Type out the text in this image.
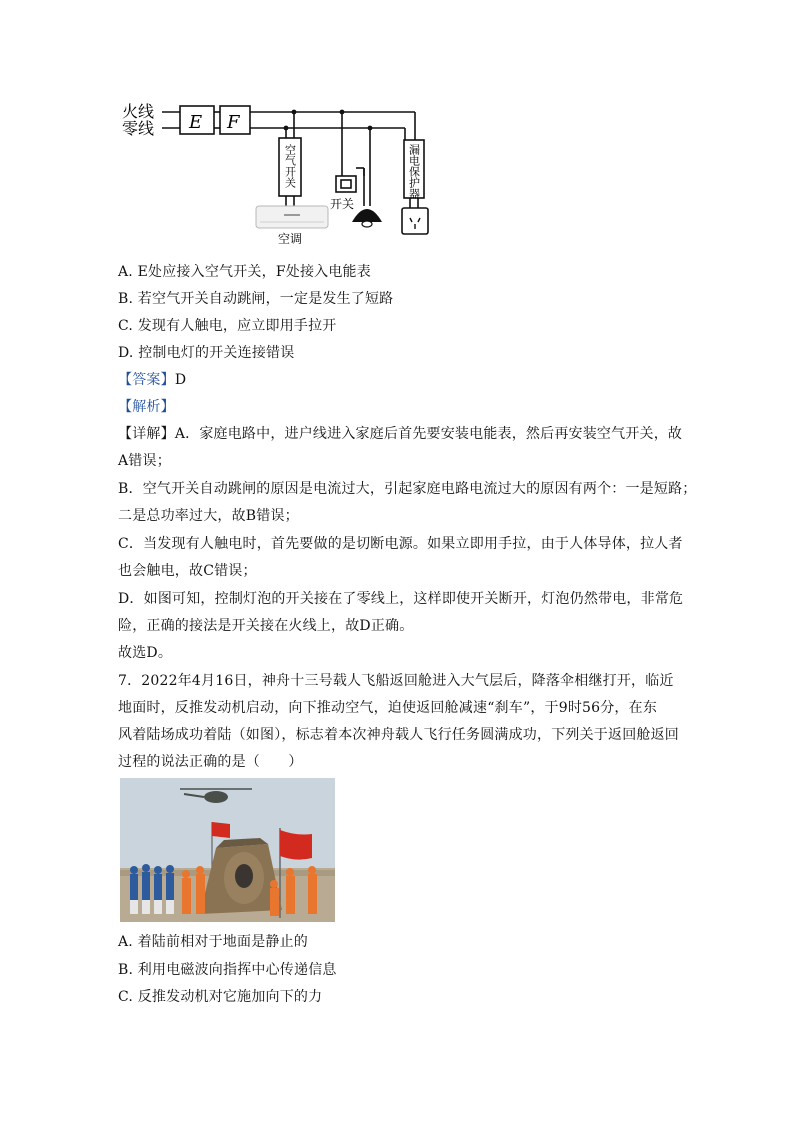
火线
零线 E F
空气开关
开关
漏电保护器
空调
A. E处应接入空气开关，F处接入电能表
B. 若空气开关自动跳闸，一定是发生了短路
C. 发现有人触电，应立即用手拉开
D. 控制电灯的开关连接错误
【答案】D
【解析】
【详解】A．家庭电路中，进户线进入家庭后首先要安装电能表，然后再安装空气开关，故
A错误；
B．空气开关自动跳闸的原因是电流过大，引起家庭电路电流过大的原因有两个：一是短路；
二是总功率过大，故B错误；
C．当发现有人触电时，首先要做的是切断电源。如果立即用手拉，由于人体导体，拉人者
也会触电，故C错误；
D．如图可知，控制灯泡的开关接在了零线上，这样即使开关断开，灯泡仍然带电，非常危
险，正确的接法是开关接在火线上，故D正确。
故选D。
7．2022年4月16日，神舟十三号载人飞船返回舱进入大气层后，降落伞相继打开，临近
地面时，反推发动机启动，向下推动空气，迫使返回舱减速“刹车”，于9时56分，在东
风着陆场成功着陆（如图），标志着本次神舟载人飞行任务圆满成功，下列关于返回舱返回
过程的说法正确的是（　　）
A. 着陆前相对于地面是静止的
B. 利用电磁波向指挥中心传递信息
C. 反推发动机对它施加向下的力
